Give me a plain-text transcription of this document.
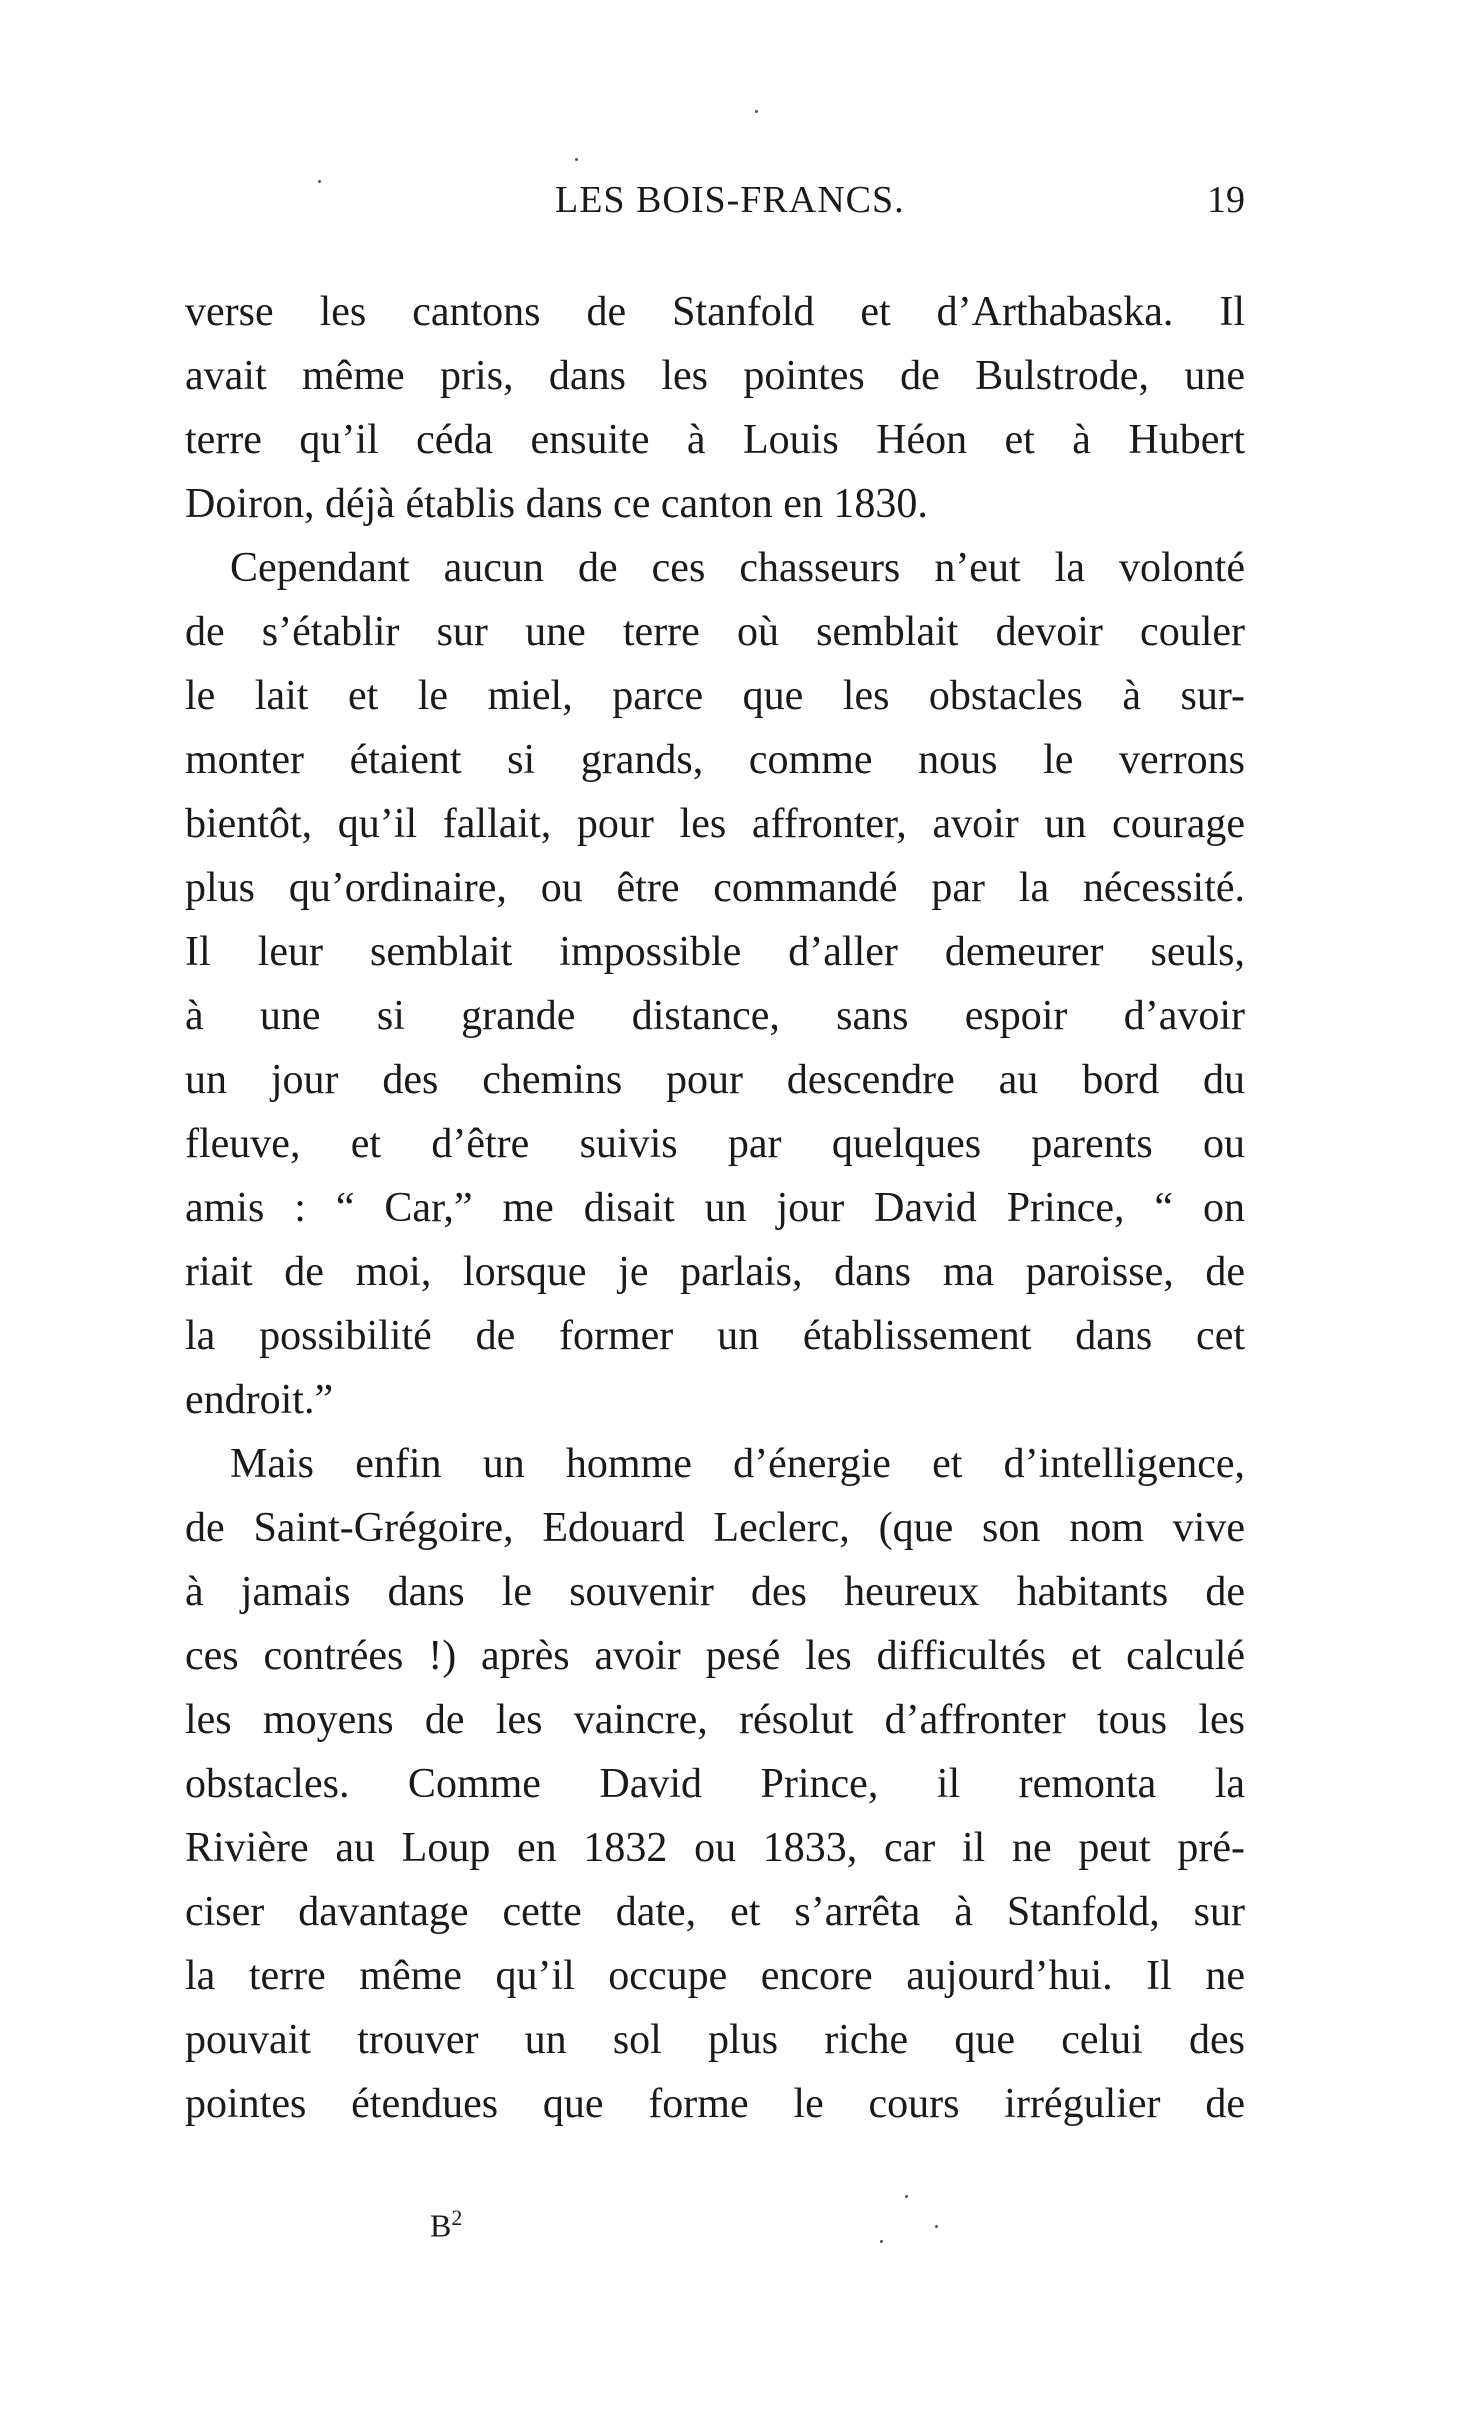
LES BOIS-FRANCS.	19
verse les cantons de Stanfold et d’Arthabaska. Il
avait même pris, dans les pointes de Bulstrode, une
terre qu’il céda ensuite à Louis Héon et à Hubert
Doiron, déjà établis dans ce canton en 1830.
Cependant aucun de ces chasseurs n’eut la volonté
de s’établir sur une terre où semblait devoir couler
le lait et le miel, parce que les obstacles à sur-
monter étaient si grands, comme nous le verrons
bientôt, qu’il fallait, pour les affronter, avoir un courage
plus qu’ordinaire, ou être commandé par la nécessité.
Il leur semblait impossible d’aller demeurer seuls,
à une si grande distance, sans espoir d’avoir
un jour des chemins pour descendre au bord du
fleuve, et d’être suivis par quelques parents ou
amis : “ Car,” me disait un jour David Prince, “ on
riait de moi, lorsque je parlais, dans ma paroisse, de
la possibilité de former un établissement dans cet
endroit.”
Mais enfin un homme d’énergie et d’intelligence,
de Saint-Grégoire, Edouard Leclerc, (que son nom vive
à jamais dans le souvenir des heureux habitants de
ces contrées !) après avoir pesé les difficultés et calculé
les moyens de les vaincre, résolut d’affronter tous les
obstacles. Comme David Prince, il remonta la
Rivière au Loup en 1832 ou 1833, car il ne peut pré-
ciser davantage cette date, et s’arrêta à Stanfold, sur
la terre même qu’il occupe encore aujourd’hui. Il ne
pouvait trouver un sol plus riche que celui des
pointes étendues que forme le cours irrégulier de
$B^2$
